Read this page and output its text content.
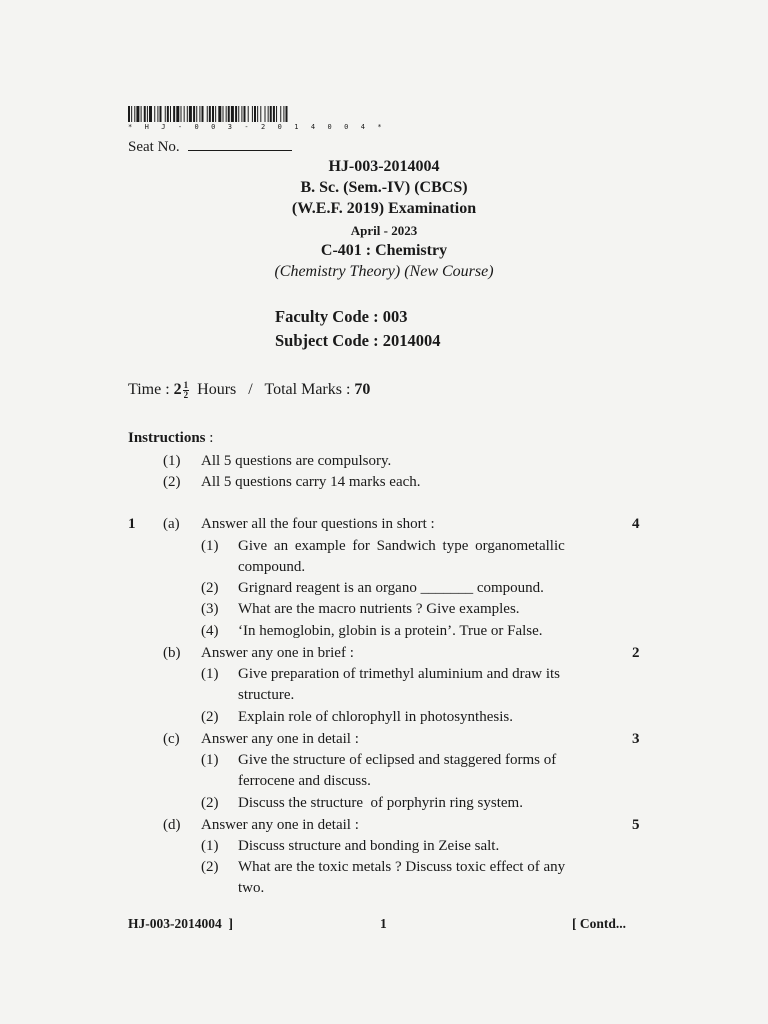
* H J - 0 0 3 - 2 0 1 4 0 0 4 *
Seat No.
HJ-003-2014004
B. Sc. (Sem.-IV) (CBCS)
(W.E.F. 2019) Examination
April - 2023
C-401 : Chemistry
(Chemistry Theory) (New Course)
Faculty Code : 003
Subject Code : 2014004
Time : $2 \frac{1}{2}$ Hours / Total Marks : 70
Instructions :
(1) All 5 questions are compulsory.
(2) All 5 questions carry 14 marks each.
1 (a) Answer all the four questions in short :	4
(1) Give an example for Sandwich type organometallic
compound.
(2) Grignard reagent is an organo _______ compound.
(3) What are the macro nutrients ? Give examples.
(4) ‘In hemoglobin, globin is a protein’. True or False.
(b) Answer any one in brief :	2
(1) Give preparation of trimethyl aluminium and draw its
structure.
(2) Explain role of chlorophyll in photosynthesis.
(c) Answer any one in detail :	3
(1) Give the structure of eclipsed and staggered forms of
ferrocene and discuss.
(2) Discuss the structure  of porphyrin ring system.
(d) Answer any one in detail :	5
(1) Discuss structure and bonding in Zeise salt.
(2) What are the toxic metals ? Discuss toxic effect of any
two.
HJ-003-2014004  ]	1	[ Contd...
